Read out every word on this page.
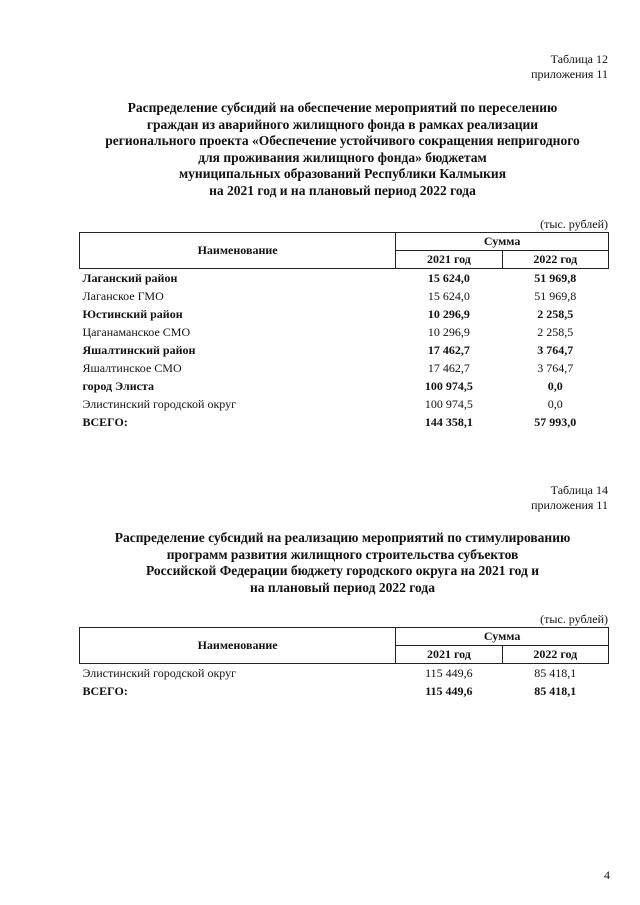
Таблица 12
приложения 11
Распределение субсидий на обеспечение мероприятий по переселению
граждан из аварийного жилищного фонда в рамках реализации
регионального проекта «Обеспечение устойчивого сокращения непригодного
для проживания жилищного фонда» бюджетам
муниципальных образований Республики Калмыкия
на 2021 год и на плановый период 2022 года
(тыс. рублей)
Наименование	Сумма	
	2021 год	2022 год
Лаганский район	15 624,0	51 969,8
Лаганское ГМО	15 624,0	51 969,8
Юстинский район	10 296,9	2 258,5
Цаганаманское СМО	10 296,9	2 258,5
Яшалтинский район	17 462,7	3 764,7
Яшалтинское СМО	17 462,7	3 764,7
город Элиста	100 974,5	0,0
Элистинский городской округ	100 974,5	0,0
ВСЕГО:	144 358,1	57 993,0
Таблица 14
приложения 11
Распределение субсидий на реализацию мероприятий по стимулированию
программ развития жилищного строительства субъектов
Российской Федерации бюджету городского округа на 2021 год и
на плановый период 2022 года
(тыс. рублей)
Наименование	Сумма	
	2021 год	2022 год
Элистинский городской округ	115 449,6	85 418,1
ВСЕГО:	115 449,6	85 418,1
4
